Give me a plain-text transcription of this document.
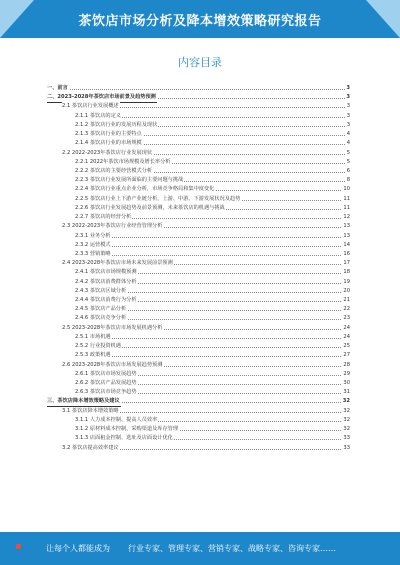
茶饮店市场分析及降本增效策略研究报告
内容目录
一、前言	3
二、2023-2028年茶饮店市场前景及趋势预测	3
2.1 茶饮店行业发展概述	3
2.1.1 茶饮店的定义	3
2.1.2 茶饮店行业的发展历程及现状	3
2.1.3 茶饮店行业的主要特点	4
2.1.4 茶饮店行业的市场规模	4
2.2 2022-2023年茶饮店行业发展现状	5
2.2.1 2022年茶饮市场规模及增长率分析	5
2.2.2 茶饮店的主要经营模式分析	6
2.2.3 茶饮店行业发展所面临的主要问题与挑战	8
2.2.4 茶饮店行业重点企业分析，市场竞争格局和集中度变化	10
2.2.5 茶饮店行业上下游产业链分析，上游、中游、下游发展状况及趋势	11
2.2.6 茶饮店行业发展趋势及前景预测，未来茶饮店的机遇与挑战	11
2.2.7 茶饮店的经营分析	12
2.3 2022-2023年茶饮店行业经营管理分析	13
2.3.1 业务分析	13
2.3.2 运营模式	14
2.3.3 营销策略	16
2.4 2023-2028年茶饮店市场未来发展前景预测	17
2.4.1 茶饮店市场规模预测	18
2.4.2 茶饮店消费群体分析	19
2.4.3 茶饮店区域分析	20
2.4.4 茶饮店消费行为分析	21
2.4.5 茶饮店产品分析	22
2.4.6 茶饮店竞争分析	23
2.5 2023-2028年茶饮店市场发展机遇分析	24
2.5.1 市场机遇	24
2.5.2 行业投资机遇	25
2.5.3 政策机遇	27
2.6 2023-2028年茶饮店市场发展趋势预测	28
2.6.1 茶饮店市场发展趋势	29
2.6.2 茶饮店产品发展趋势	30
2.6.3 茶饮店市场竞争趋势	31
三、茶饮店降本增效策略及建议	32
3.1 茶饮店降本增效策略	32
3.1.1 人力成本控制、提高人员效率	32
3.1.2 原材料成本控制、采购渠道及库存管理	32
3.1.3 店面租金控制、选址及店面设计优化	33
3.2 茶饮店提高效率建议	33
让每个人都能成为 行业专家、管理专家、营销专家、战略专家、咨询专家……
